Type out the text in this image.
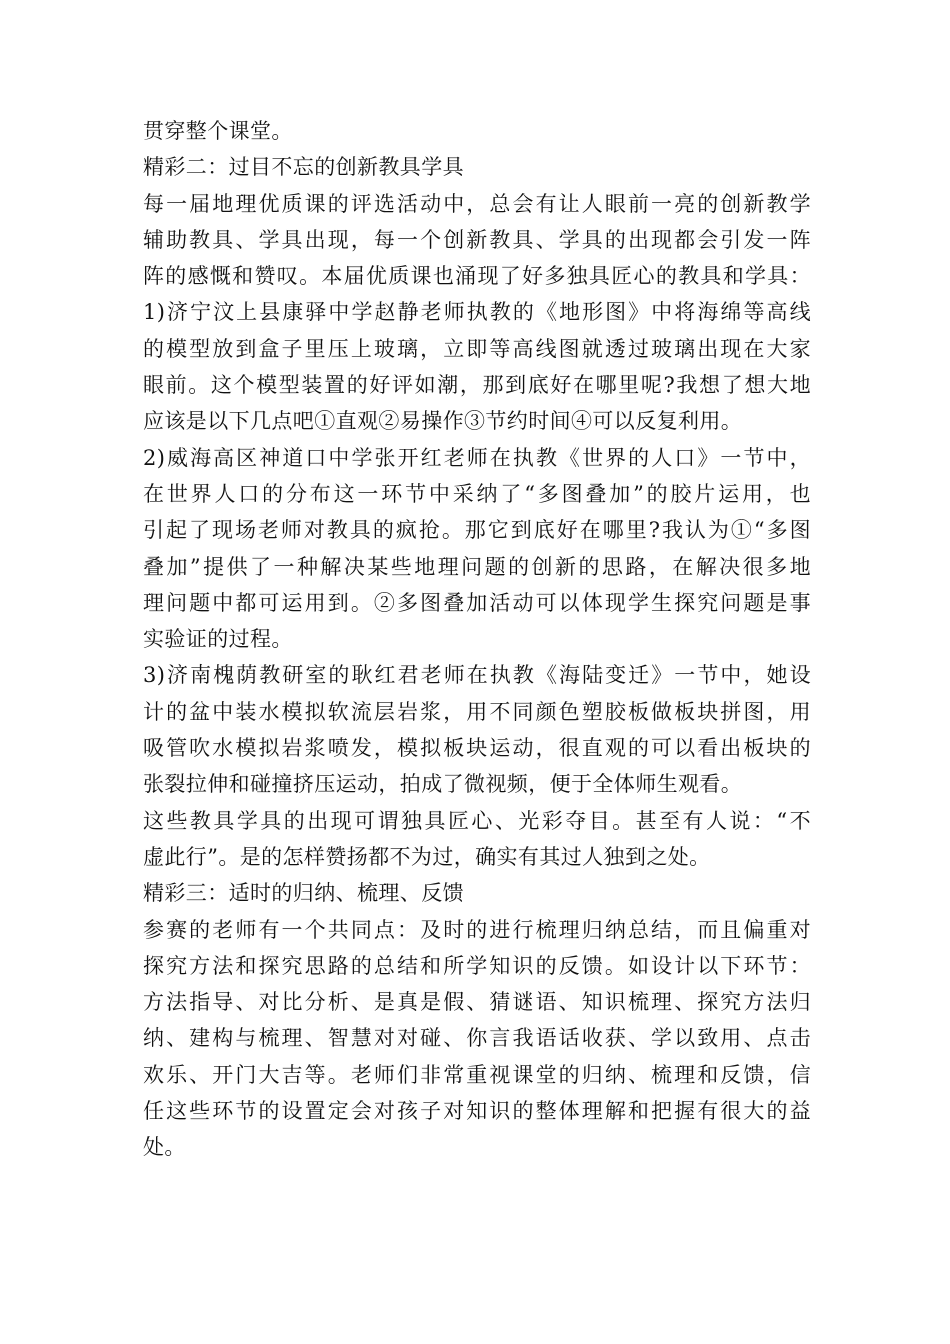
贯穿整个课堂。
精彩二：过目不忘的创新教具学具
每一届地理优质课的评选活动中，总会有让人眼前一亮的创新教学
辅助教具、学具出现，每一个创新教具、学具的出现都会引发一阵
阵的感慨和赞叹。本届优质课也涌现了好多独具匠心的教具和学具：
1)济宁汶上县康驿中学赵静老师执教的《地形图》中将海绵等高线
的模型放到盒子里压上玻璃，立即等高线图就透过玻璃出现在大家
眼前。这个模型装置的好评如潮，那到底好在哪里呢?我想了想大地
应该是以下几点吧①直观②易操作③节约时间④可以反复利用。
2)威海高区神道口中学张开红老师在执教《世界的人口》一节中，
在世界人口的分布这一环节中采纳了“多图叠加”的胶片运用，也
引起了现场老师对教具的疯抢。那它到底好在哪里?我认为①“多图
叠加”提供了一种解决某些地理问题的创新的思路，在解决很多地
理问题中都可运用到。②多图叠加活动可以体现学生探究问题是事
实验证的过程。
3)济南槐荫教研室的耿红君老师在执教《海陆变迁》一节中，她设
计的盆中装水模拟软流层岩浆，用不同颜色塑胶板做板块拼图，用
吸管吹水模拟岩浆喷发，模拟板块运动，很直观的可以看出板块的
张裂拉伸和碰撞挤压运动，拍成了微视频，便于全体师生观看。
这些教具学具的出现可谓独具匠心、光彩夺目。甚至有人说：“不
虚此行”。是的怎样赞扬都不为过，确实有其过人独到之处。
精彩三：适时的归纳、梳理、反馈
参赛的老师有一个共同点：及时的进行梳理归纳总结，而且偏重对
探究方法和探究思路的总结和所学知识的反馈。如设计以下环节：
方法指导、对比分析、是真是假、猜谜语、知识梳理、探究方法归
纳、建构与梳理、智慧对对碰、你言我语话收获、学以致用、点击
欢乐、开门大吉等。老师们非常重视课堂的归纳、梳理和反馈，信
任这些环节的设置定会对孩子对知识的整体理解和把握有很大的益
处。
